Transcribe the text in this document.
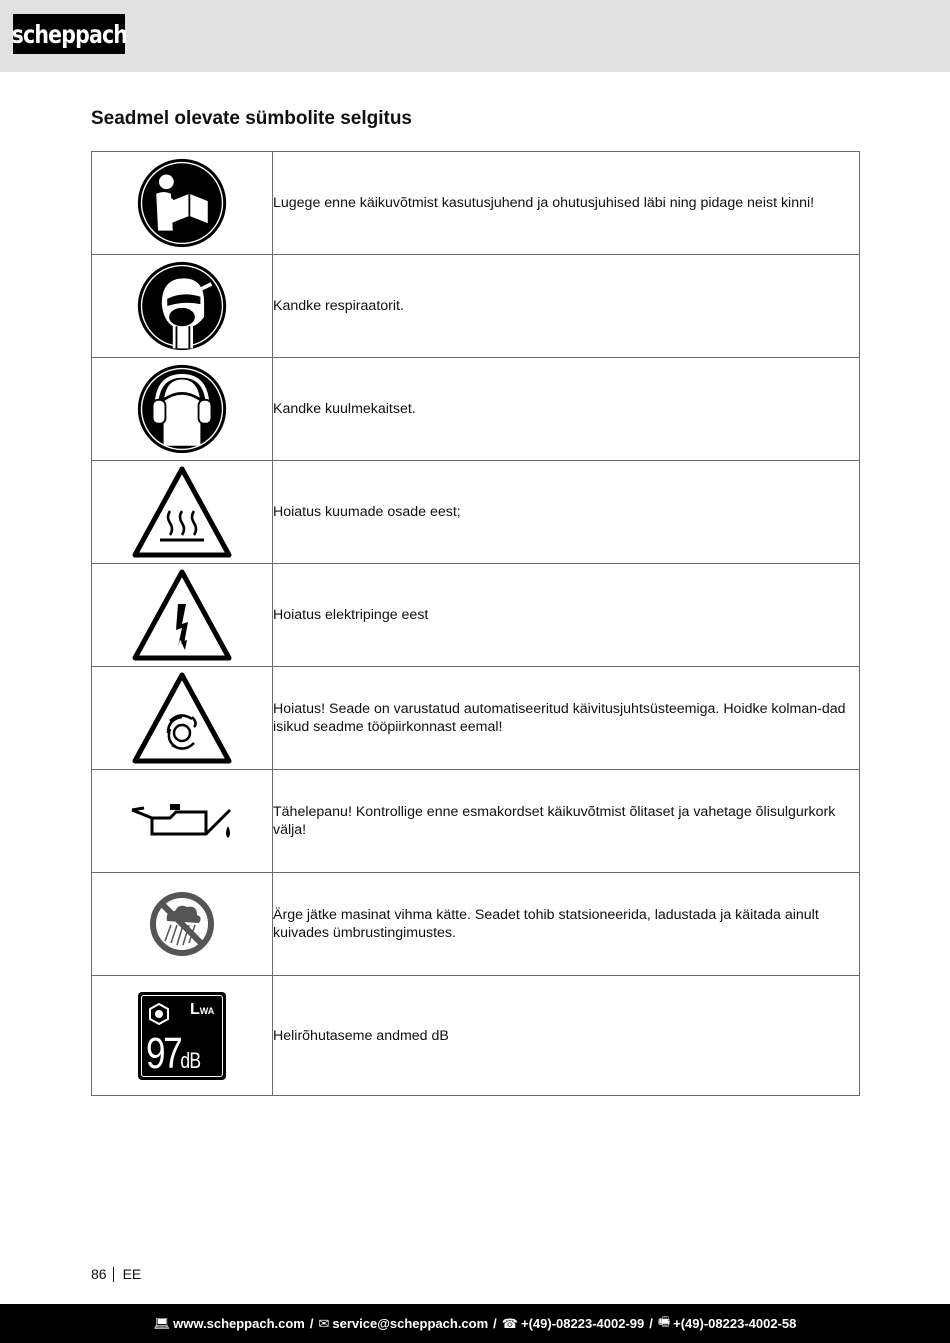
scheppach
Seadmel olevate sümbolite selgitus
	Lugege enne käikuvõtmist kasutusjuhend ja ohutusjuhised läbi ning pidage neist kinni!

	Kandke respiraatorit.

	Kandke kuulmekaitset.

	Hoiatus kuumade osade eest;

	Hoiatus elektripinge eest

	Hoiatus! Seade on varustatud automatiseeritud käivitusjuhtsüsteemiga. Hoidke kolman-dad isikud seadme tööpiirkonnast eemal!

	Tähelepanu! Kontrollige enne esmakordset käikuvõtmist õlitaset ja vahetage õlisulgurkork välja!

	Ärge jätke masinat vihma kätte. Seadet tohib statsioneerida, ladustada ja käitada ainult kuivades ümbrustingimustes.

LWA
97dB	Helirõhutaseme andmed dB
86 EE
💻︎ www.scheppach.com / ✉︎ service@scheppach.com / ☎︎ +(49)-08223-4002-99 / 🖷︎ +(49)-08223-4002-58
